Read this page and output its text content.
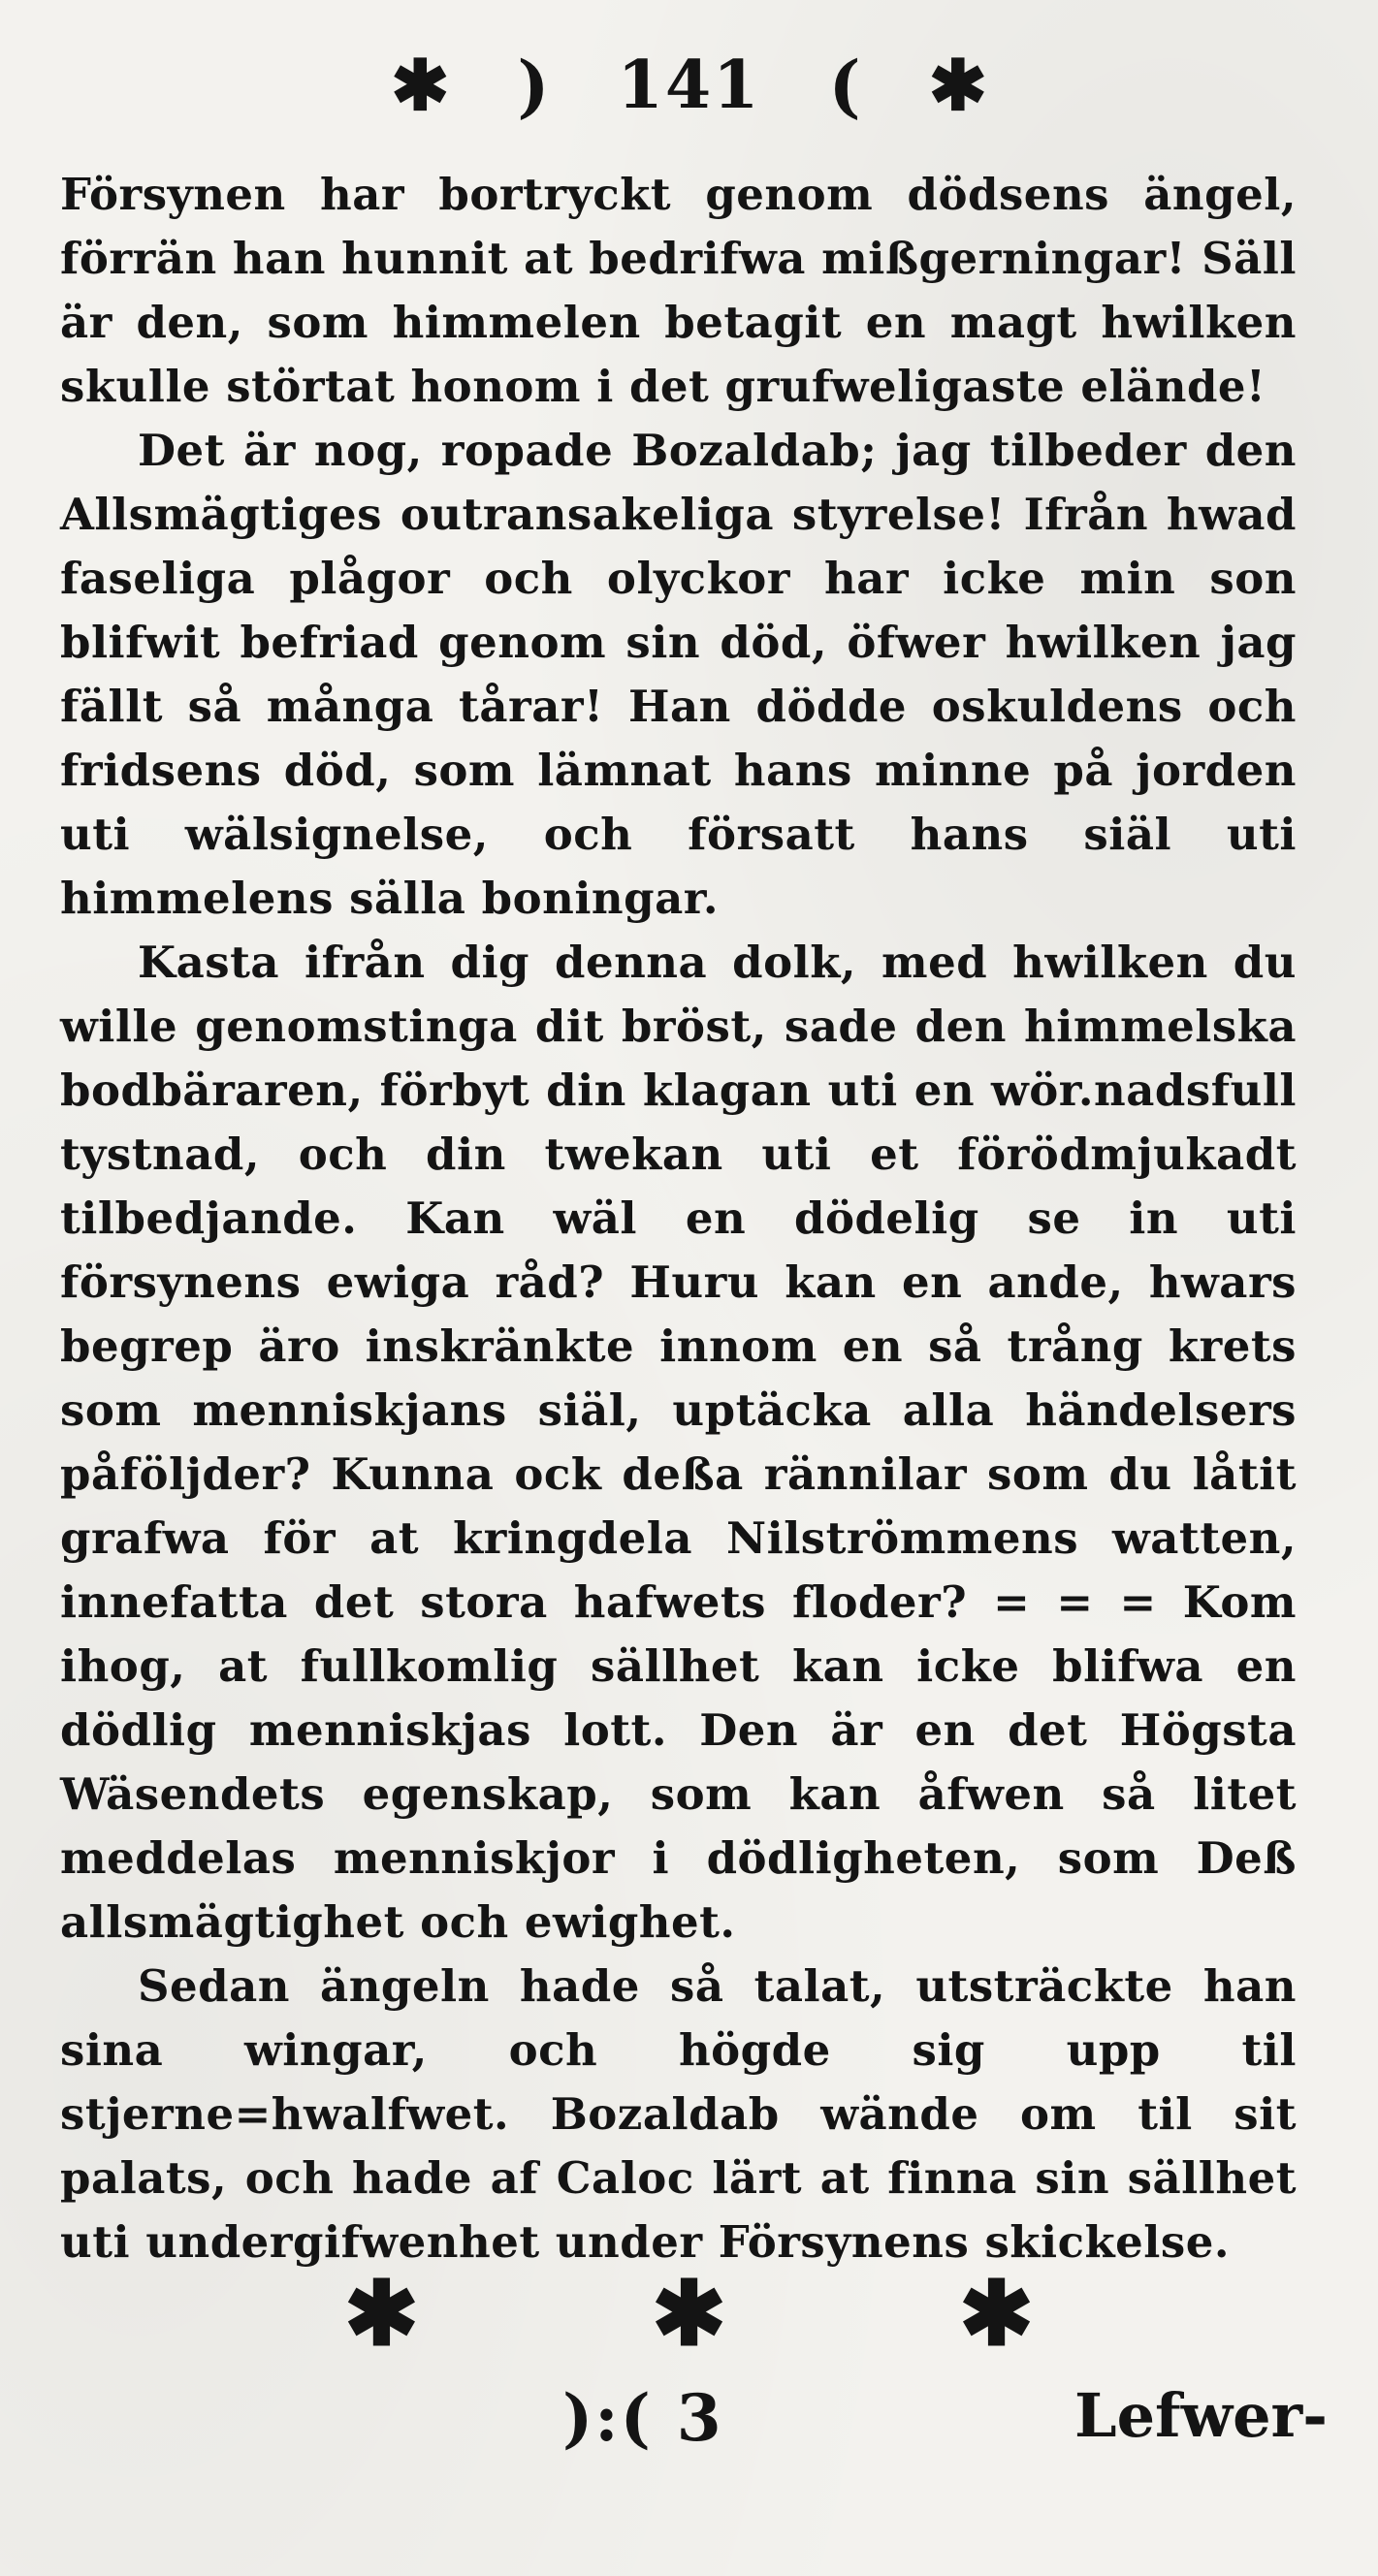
✱ ) 141 ( ✱

Försynen har bortryckt genom dödsens ängel, förrän han hunnit at bedrifwa mißgerningar! Säll är den, som himmelen betagit en magt hwilken skulle störtat honom i det grufweligaste elände!

Det är nog, ropade Bozaldab; jag tilbeder den Allsmägtiges outransakeliga styrelse! Ifrån hwad faseliga plågor och olyckor har icke min son blifwit befriad genom sin död, öfwer hwilken jag fällt så många tårar! Han dödde oskuldens och fridsens död, som lämnat hans minne på jorden uti wälsignelse, och försatt hans siäl uti himmelens sälla boningar.

Kasta ifrån dig denna dolk, med hwilken du wille genomstinga dit bröst, sade den himmelska bodbäraren, förbyt din klagan uti en wör.nadsfull tystnad, och din twekan uti et förödmjukadt tilbedjande. Kan wäl en dödelig se in uti försynens ewiga råd? Huru kan en ande, hwars begrep äro inskränkte innom en så trång krets som menniskjans siäl, uptäcka alla händelsers påföljder? Kunna ock deßa rännilar som du låtit grafwa för at kringdela Nilströmmens watten, innefatta det stora hafwets floder? = = = Kom ihog, at fullkomlig sällhet kan icke blifwa en dödlig menniskjas lott. Den är en det Högsta Wäsendets egenskap, som kan åfwen så litet meddelas menniskjor i dödligheten, som Deß allsmägtighet och ewighet.

Sedan ängeln hade så talat, utsträckte han sina wingar, och högde sig upp til stjerne=hwalfwet. Bozaldab wände om til sit palats, och hade af Caloc lärt at finna sin sällhet uti undergifwenhet under Försynens skickelse.

✱	✱	✱
):( 3	Lefwer-
